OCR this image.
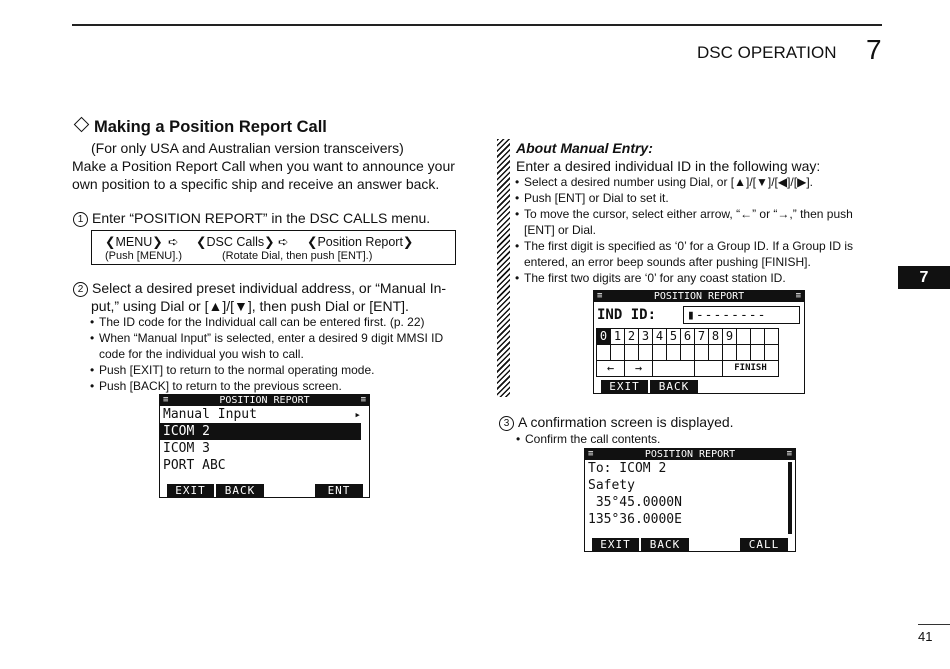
DSC OPERATION 7
7
Making a Position Report Call
(For only USA and Australian version transceivers)
Make a Position Report Call when you want to announce your
own position to a specific ship and receive an answer back.
1 Enter “POSITION REPORT” in the DSC CALLS menu.
❮MENU❯ ➪ ❮DSC Calls❯ ➪ ❮Position Report❯
(Push [MENU].)	(Rotate Dial, then push [ENT].)
2 Select a desired preset individual address, or “Manual In-
put,” using Dial or [▲]/[▼], then push Dial or [ENT].
• The ID code for the Individual call can be entered first. (p. 22)
• When “Manual Input” is selected, enter a desired 9 digit MMSI ID
code for the individual you wish to call.
• Push [EXIT] to return to the normal operating mode.
• Push [BACK] to return to the previous screen.
≡	POSITION REPORT	≡
Manual Input	▸
ICOM 2
ICOM 3
PORT ABC
EXIT	BACK	ENT
About Manual Entry:
Enter a desired individual ID in the following way:
• Select a desired number using Dial, or [▲]/[▼]/[◀]/[▶].
• Push [ENT] or Dial to set it.
• To move the cursor, select either arrow, “←” or “→,” then push
[ENT] or Dial.
• The first digit is specified as ‘0’ for a Group ID. If a Group ID is
entered, an error beep sounds after pushing [FINISH].
• The first two digits are ‘0’ for any coast station ID.
≡	POSITION REPORT	≡
IND ID:	▮--------
0	1	2	3	4	5	6	7	8	9			

←		→							FINISH			
EXIT	BACK
3 A confirmation screen is displayed.
• Confirm the call contents.
≡	POSITION REPORT	≡
To: ICOM 2
Safety
35°45.0000N
135°36.0000E
EXIT	BACK	CALL
41
